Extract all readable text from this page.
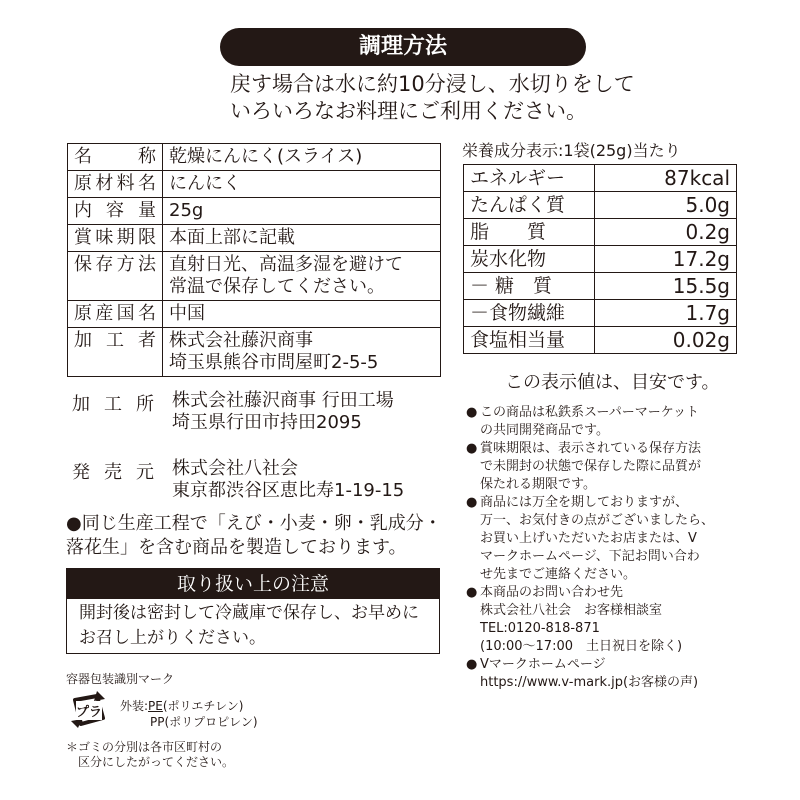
調理方法
戻す場合は水に約10分浸し、水切りをして
いろいろなお料理にご利用ください。
名　称	乾燥にんにく(スライス)

原材料名	にんにく

内容量	25g

賞味期限	本面上部に記載

保存方法	直射日光、高温多湿を避けて
常温で保存してください。

原産国名	中国

加工者	株式会社藤沢商事
埼玉県熊谷市問屋町2-5-5
加工所 株式会社藤沢商事 行田工場
埼玉県行田市持田2095
発売元 株式会社八社会
東京都渋谷区恵比寿1-19-15
●同じ生産工程で「えび・小麦・卵・乳成分・
落花生」を含む商品を製造しております。
取り扱い上の注意
開封後は密封して冷蔵庫で保存し、お早めに
お召し上がりください。
容器包装識別マーク
プラ 外装:PE(ポリエチレン)
PP(ポリプロピレン)
＊ゴミの分別は各市区町村の
　区分にしたがってください。
栄養成分表示:1袋(25g)当たり
エネルギー	87kcal
たんぱく質	5.0g
脂　　質	0.2g
炭水化物	17.2g
－ 糖　質	15.5g
－食物繊維	1.7g
食塩相当量	0.02g
この表示値は、目安です。

● この商品は私鉄系スーパーマーケット

の共同開発商品です。

● 賞味期限は、表示されている保存方法

で未開封の状態で保存した際に品質が

保たれる期限です。

● 商品には万全を期しておりますが、

万一、お気付きの点がございましたら、

お買い上げいただいたお店または、V

マークホームページ、下記お問い合わ

せ先までご連絡ください。

● 本商品のお問い合わせ先

株式会社八社会　お客様相談室

TEL:0120-818-871

(10:00～17:00　土日祝日を除く)

● Vマークホームページ

https://www.v-mark.jp(お客様の声)
